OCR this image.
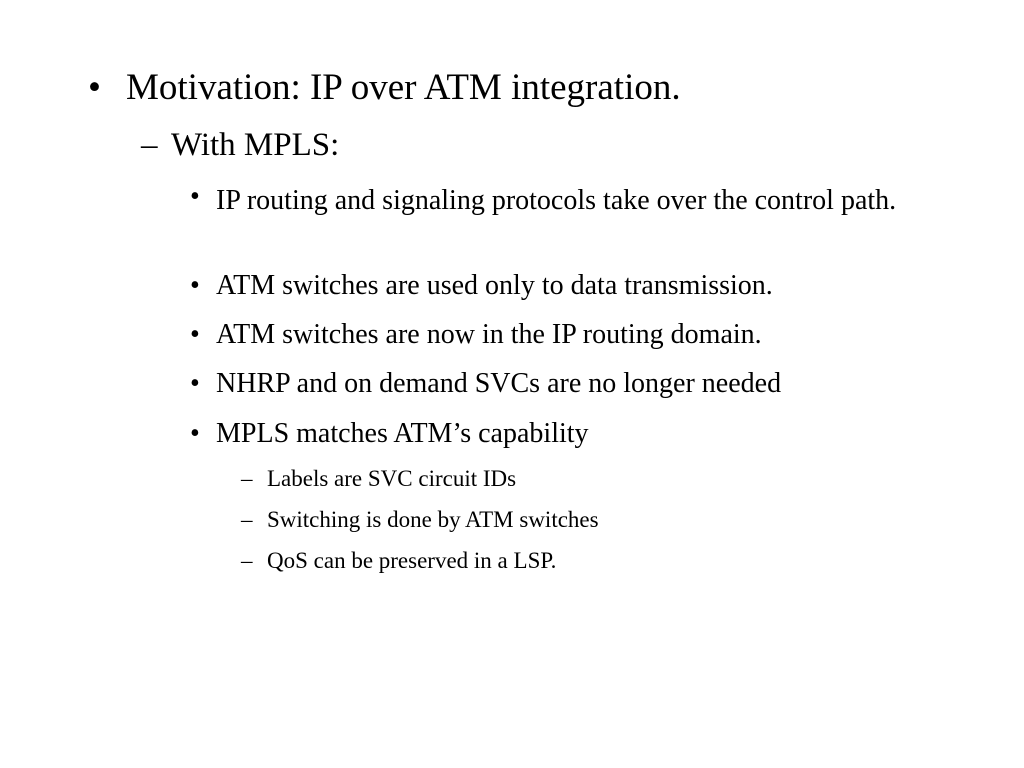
• Motivation: IP over ATM integration.
– With MPLS:
• IP routing and signaling protocols take over the control path.
• ATM switches are used only to data transmission.
• ATM switches are now in the IP routing domain.
• NHRP and on demand SVCs are no longer needed
• MPLS matches ATM’s capability
– Labels are SVC circuit IDs
– Switching is done by ATM switches
– QoS can be preserved in a LSP.
